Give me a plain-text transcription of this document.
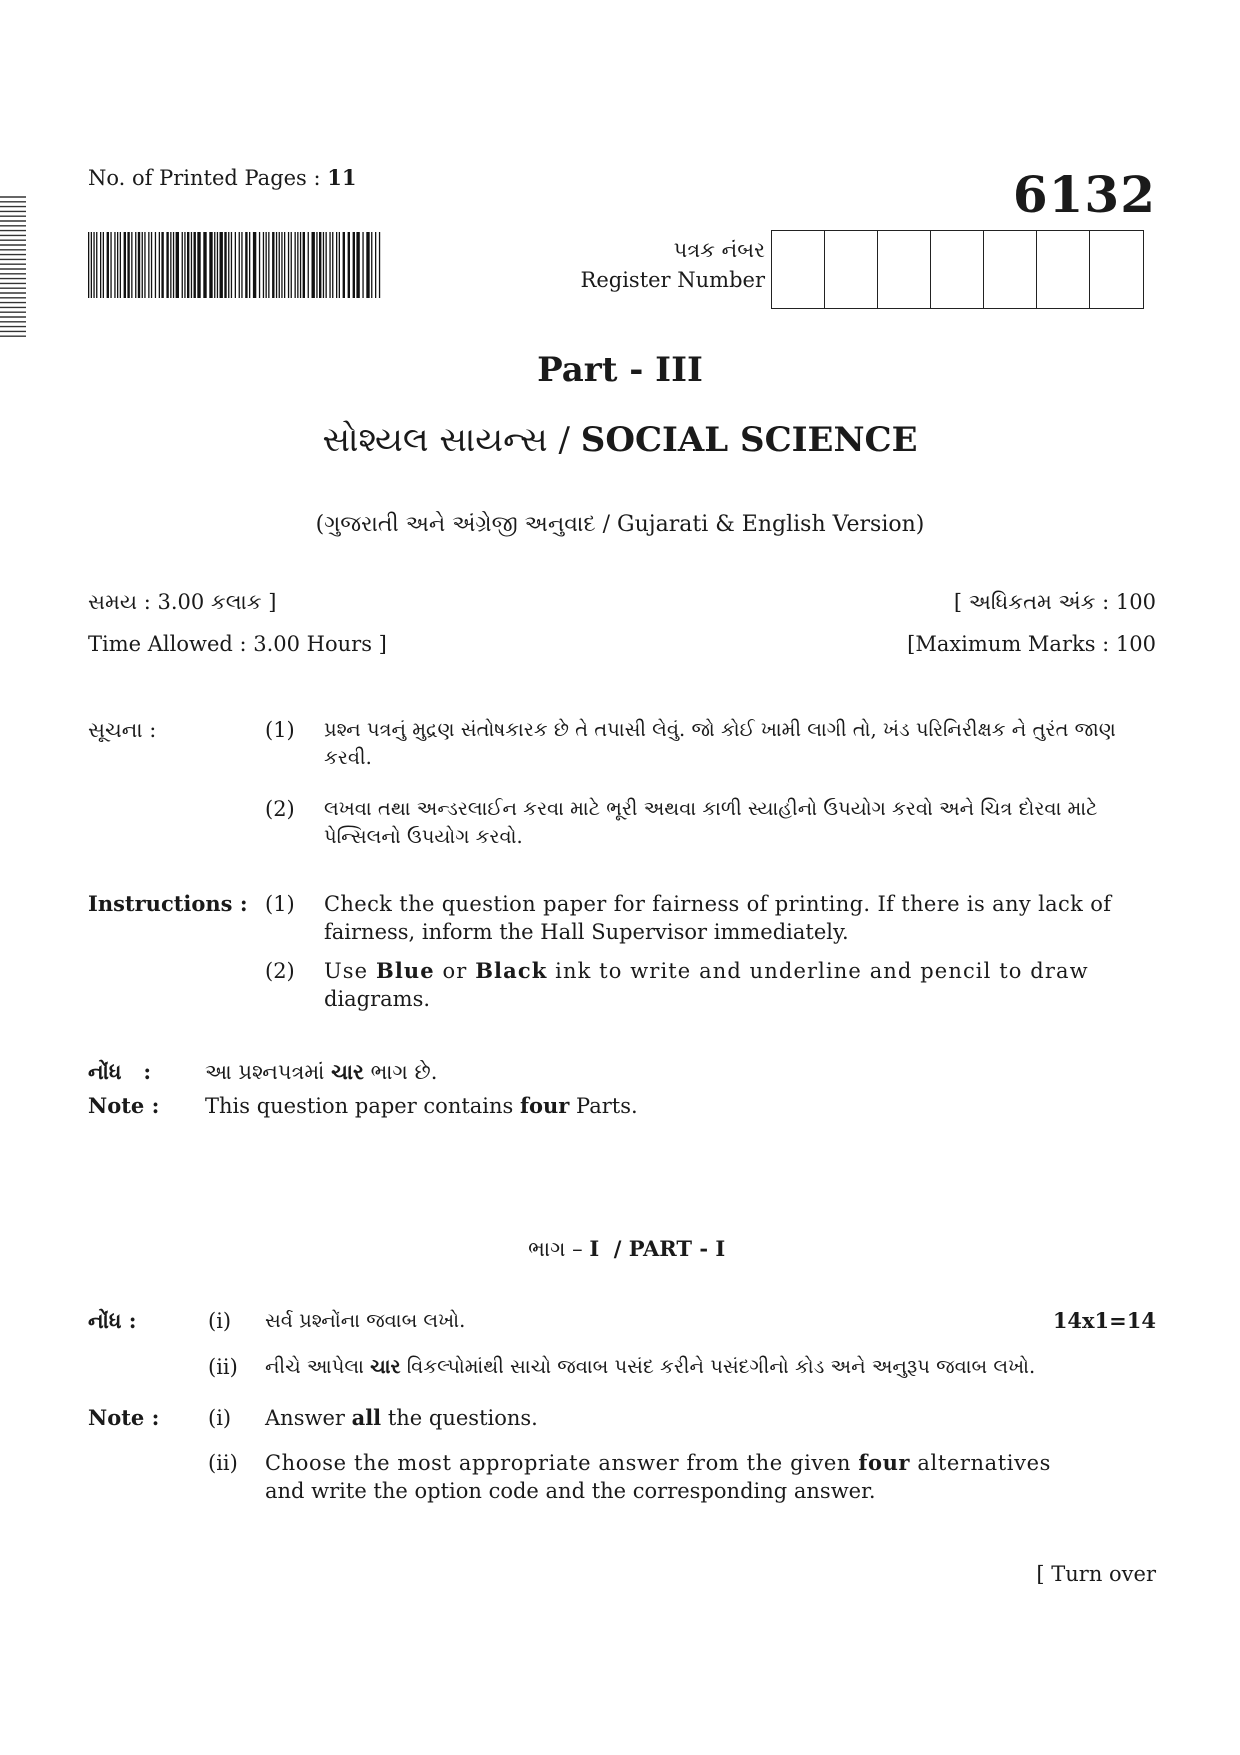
No. of Printed Pages : 11	6132
પત્રક નંબર
Register Number
Part - III
સોશ્યલ સાયન્સ / SOCIAL SCIENCE
(ગુજરાતી અને અંગ્રેજી અનુવાદ / Gujarati & English Version)
સમય : 3.00 કલાક ]	[ અધિકતમ અંક : 100
Time Allowed : 3.00 Hours ]	[Maximum Marks : 100
સૂચના :	(1) પ્રશ્ન પત્રનું મુદ્રણ સંતોષકારક છે તે તપાસી લેવું. જો કોઈ ખામી લાગી તો, ખંડ પરિનિરીક્ષક ને તુરંત જાણ
કરવી.
(2) લખવા તથા અન્ડરલાઈન કરવા માટે ભૂરી અથવા કાળી સ્યાહીનો ઉપયોગ કરવો અને ચિત્ર દોરવા માટે
પેન્સિલનો ઉપયોગ કરવો.
Instructions : (1) Check the question paper for fairness of printing. If there is any lack of
fairness, inform the Hall Supervisor immediately.
(2) Use Blue or Black ink to write and underline and pencil to draw
diagrams.
નોંધ   :	આ પ્રશ્નપત્રમાં ચાર ભાગ છે.
Note : This question paper contains four Parts.

ભાગ – I  / PART - I

નોંધ :	(i) સર્વ પ્રશ્નોંના જવાબ લખો.	14x1=14
(ii) નીચે આપેલા ચાર વિકલ્પોમાંથી સાચો જવાબ પસંદ કરીને પસંદગીનો કોડ અને અનુરૂપ જવાબ લખો.
Note : (i) Answer all the questions.
(ii) Choose the most appropriate answer from the given four alternatives
and write the option code and the corresponding answer.
[ Turn over
